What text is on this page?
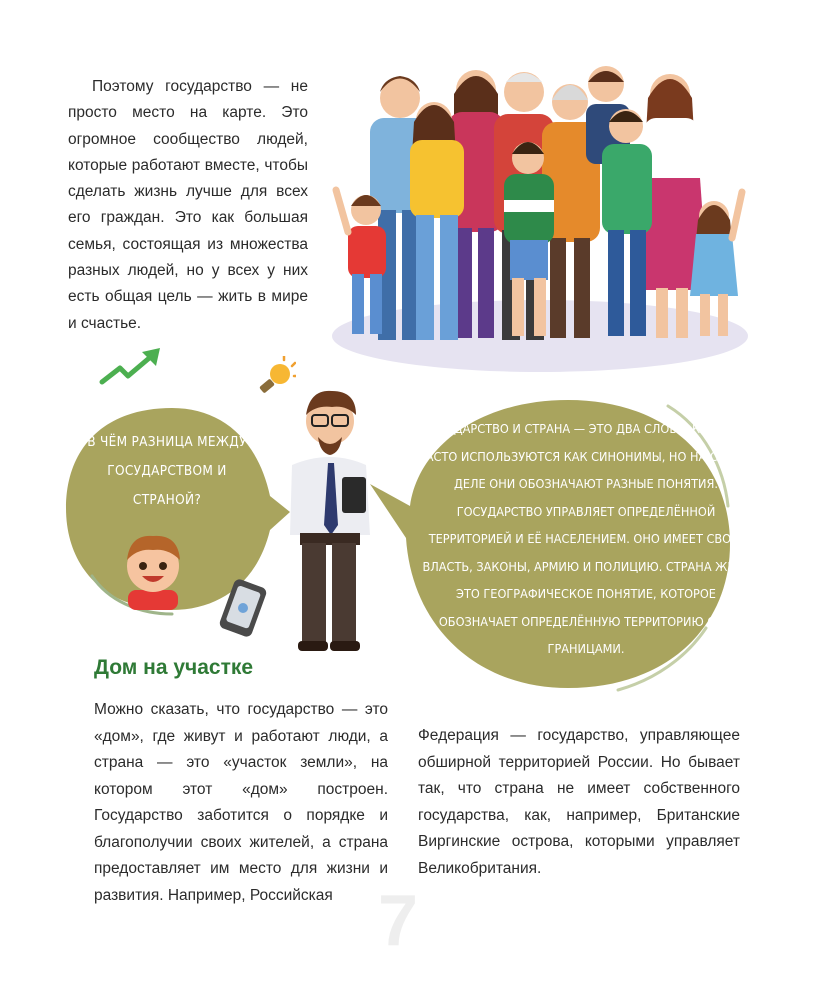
Поэтому государство — не просто место на карте. Это огромное сообщество людей, которые работают вместе, чтобы сделать жизнь лучше для всех его граждан. Это как большая семья, состоящая из множества разных людей, но у всех у них есть общая цель — жить в мире и счастье.

В ЧЁМ РАЗНИЦА МЕЖДУ ГОСУДАРСТВОМ И СТРАНОЙ?
ГОСУДАРСТВО И СТРАНА — ЭТО ДВА СЛОВА, КОТОРЫЕ ЧАСТО ИСПОЛЬЗУЮТСЯ КАК СИНОНИМЫ, НО НА САМОМ ДЕЛЕ ОНИ ОБОЗНАЧАЮТ РАЗНЫЕ ПОНЯТИЯ. ГОСУДАРСТВО УПРАВЛЯЕТ ОПРЕДЕЛЁННОЙ ТЕРРИТОРИЕЙ И ЕЁ НАСЕЛЕНИЕМ. ОНО ИМЕЕТ СВОЮ ВЛАСТЬ, ЗАКОНЫ, АРМИЮ И ПОЛИЦИЮ. СТРАНА ЖЕ — ЭТО ГЕОГРАФИЧЕСКОЕ ПОНЯТИЕ, КОТОРОЕ ОБОЗНАЧАЕТ ОПРЕДЕЛЁННУЮ ТЕРРИТОРИЮ С ЕЁ ГРАНИЦАМИ.
Дом на участке

Можно сказать, что государство — это «дом», где живут и работают люди, а страна — это «участок земли», на котором этот «дом» построен. Государство заботится о порядке и благополучии своих жителей, а страна предоставляет им место для жизни и развития. Например, Российская

Федерация — государство, управляющее обширной территорией России. Но бывает так, что страна не имеет собственного государства, как, например, Британские Виргинские острова, которыми управляет Великобритания.

7
